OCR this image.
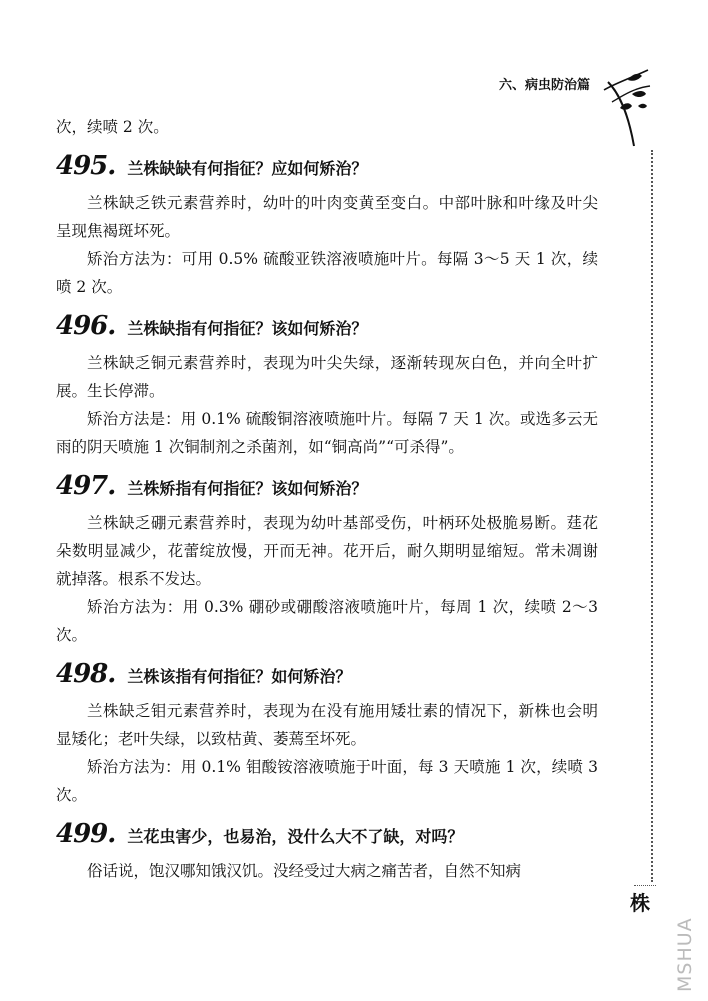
六、病虫防治篇
株
MSHUA

次，续喷 2 次。

495. 兰株缺缺有何指征？应如何矫治？

兰株缺乏铁元素营养时，幼叶的叶肉变黄至变白。中部叶脉和叶缘及叶尖呈现焦褐斑坏死。

矫治方法为：可用 0.5% 硫酸亚铁溶液喷施叶片。每隔 3～5 天 1 次，续喷 2 次。

496. 兰株缺指有何指征？该如何矫治？

兰株缺乏铜元素营养时，表现为叶尖失绿，逐渐转现灰白色，并向全叶扩展。生长停滞。

矫治方法是：用 0.1% 硫酸铜溶液喷施叶片。每隔 7 天 1 次。或选多云无雨的阴天喷施 1 次铜制剂之杀菌剂，如“铜高尚”“可杀得”。

497. 兰株矫指有何指征？该如何矫治？

兰株缺乏硼元素营养时，表现为幼叶基部受伤，叶柄环处极脆易断。莛花朵数明显减少，花蕾绽放慢，开而无神。花开后，耐久期明显缩短。常未凋谢就掉落。根系不发达。

矫治方法为：用 0.3% 硼砂或硼酸溶液喷施叶片，每周 1 次，续喷 2～3 次。

498. 兰株该指有何指征？如何矫治？

兰株缺乏钼元素营养时，表现为在没有施用矮壮素的情况下，新株也会明显矮化；老叶失绿，以致枯黄、萎蔫至坏死。

矫治方法为：用 0.1% 钼酸铵溶液喷施于叶面，每 3 天喷施 1 次，续喷 3 次。

499. 兰花虫害少，也易治，没什么大不了缺，对吗？

俗话说，饱汉哪知饿汉饥。没经受过大病之痛苦者，自然不知病
